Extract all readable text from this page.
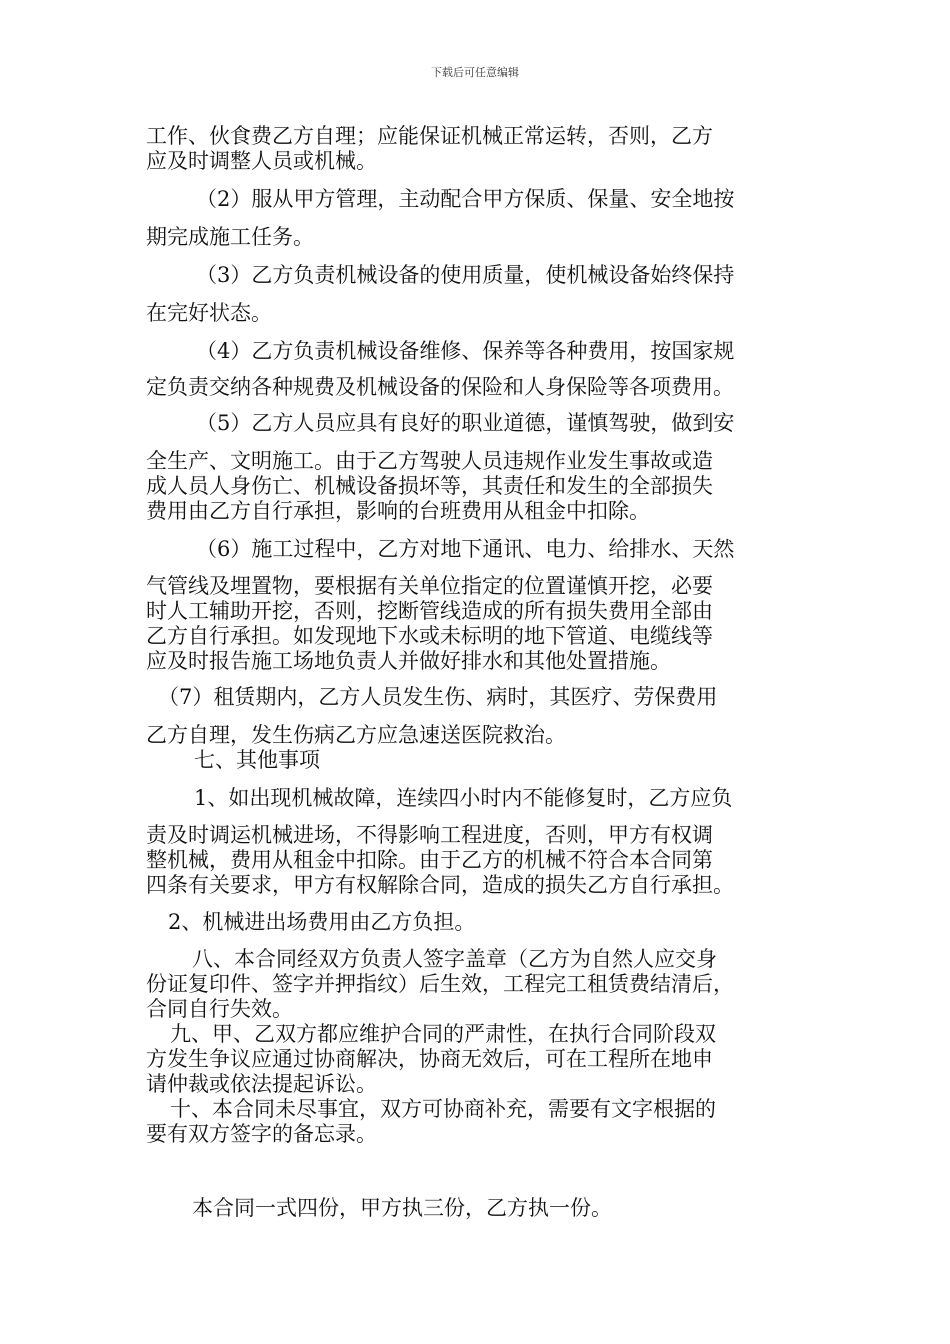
下载后可任意编辑
工作、伙食费乙方自理；应能保证机械正常运转，否则，乙方
应及时调整人员或机械。
（2）服从甲方管理，主动配合甲方保质、保量、安全地按
期完成施工任务。
（3）乙方负责机械设备的使用质量，使机械设备始终保持
在完好状态。
（4）乙方负责机械设备维修、保养等各种费用，按国家规
定负责交纳各种规费及机械设备的保险和人身保险等各项费用。
（5）乙方人员应具有良好的职业道德，谨慎驾驶，做到安
全生产、文明施工。由于乙方驾驶人员违规作业发生事故或造
成人员人身伤亡、机械设备损坏等，其责任和发生的全部损失
费用由乙方自行承担，影响的台班费用从租金中扣除。
（6）施工过程中，乙方对地下通讯、电力、给排水、天然
气管线及埋置物，要根据有关单位指定的位置谨慎开挖，必要
时人工辅助开挖，否则，挖断管线造成的所有损失费用全部由
乙方自行承担。如发现地下水或未标明的地下管道、电缆线等
应及时报告施工场地负责人并做好排水和其他处置措施。
（7）租赁期内，乙方人员发生伤、病时，其医疗、劳保费用
乙方自理，发生伤病乙方应急速送医院救治。
七、其他事项
1、如出现机械故障，连续四小时内不能修复时，乙方应负
责及时调运机械进场，不得影响工程进度，否则，甲方有权调
整机械，费用从租金中扣除。由于乙方的机械不符合本合同第
四条有关要求，甲方有权解除合同，造成的损失乙方自行承担。
2、机械进出场费用由乙方负担。
八、本合同经双方负责人签字盖章（乙方为自然人应交身
份证复印件、签字并押指纹）后生效，工程完工租赁费结清后，
合同自行失效。
九、甲、乙双方都应维护合同的严肃性，在执行合同阶段双
方发生争议应通过协商解决，协商无效后，可在工程所在地申
请仲裁或依法提起诉讼。
十、本合同未尽事宜，双方可协商补充，需要有文字根据的
要有双方签字的备忘录。
本合同一式四份，甲方执三份，乙方执一份。
